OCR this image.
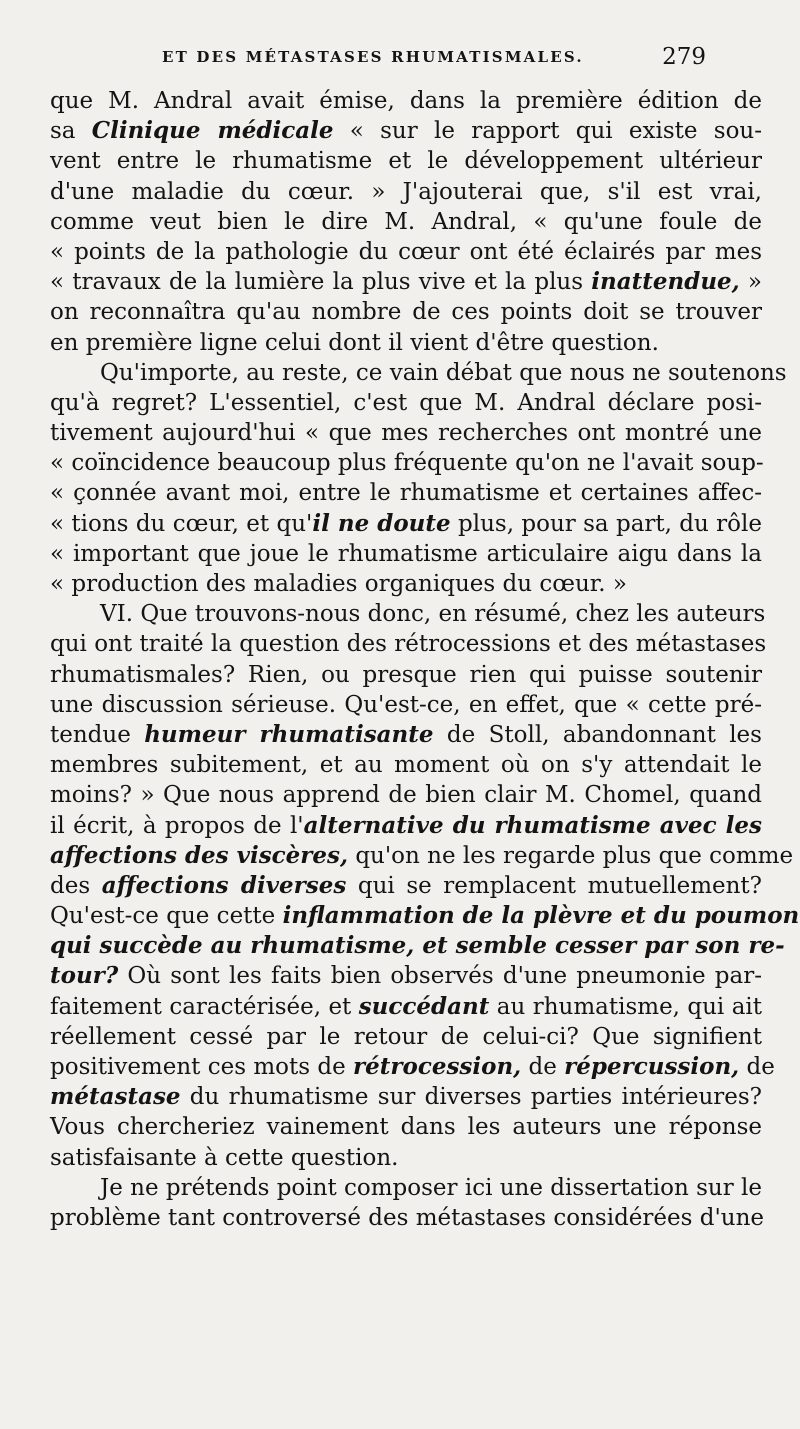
ET DES MÉTASTASES RHUMATISMALES.	279
que M. Andral avait émise, dans la première édition de
sa Clinique médicale « sur le rapport qui existe sou-
vent entre le rhumatisme et le développement ultérieur
d'une maladie du cœur. » J'ajouterai que, s'il est vrai,
comme veut bien le dire M. Andral, « qu'une foule de
« points de la pathologie du cœur ont été éclairés par mes
« travaux de la lumière la plus vive et la plus inattendue, »
on reconnaîtra qu'au nombre de ces points doit se trouver
en première ligne celui dont il vient d'être question.
Qu'importe, au reste, ce vain débat que nous ne soutenons
qu'à regret? L'essentiel, c'est que M. Andral déclare posi-
tivement aujourd'hui « que mes recherches ont montré une
« coïncidence beaucoup plus fréquente qu'on ne l'avait soup-
« çonnée avant moi, entre le rhumatisme et certaines affec-
« tions du cœur, et qu'il ne doute plus, pour sa part, du rôle
« important que joue le rhumatisme articulaire aigu dans la
« production des maladies organiques du cœur. »
VI. Que trouvons-nous donc, en résumé, chez les auteurs
qui ont traité la question des rétrocessions et des métastases
rhumatismales? Rien, ou presque rien qui puisse soutenir
une discussion sérieuse. Qu'est-ce, en effet, que « cette pré-
tendue humeur rhumatisante de Stoll, abandonnant les
membres subitement, et au moment où on s'y attendait le
moins? » Que nous apprend de bien clair M. Chomel, quand
il écrit, à propos de l'alternative du rhumatisme avec les
affections des viscères, qu'on ne les regarde plus que comme
des affections diverses qui se remplacent mutuellement?
Qu'est-ce que cette inflammation de la plèvre et du poumon
qui succède au rhumatisme, et semble cesser par son re-
tour? Où sont les faits bien observés d'une pneumonie par-
faitement caractérisée, et succédant au rhumatisme, qui ait
réellement cessé par le retour de celui-ci? Que signifient
positivement ces mots de rétrocession, de répercussion, de
métastase du rhumatisme sur diverses parties intérieures?
Vous chercheriez vainement dans les auteurs une réponse
satisfaisante à cette question.
Je ne prétends point composer ici une dissertation sur le
problème tant controversé des métastases considérées d'une
